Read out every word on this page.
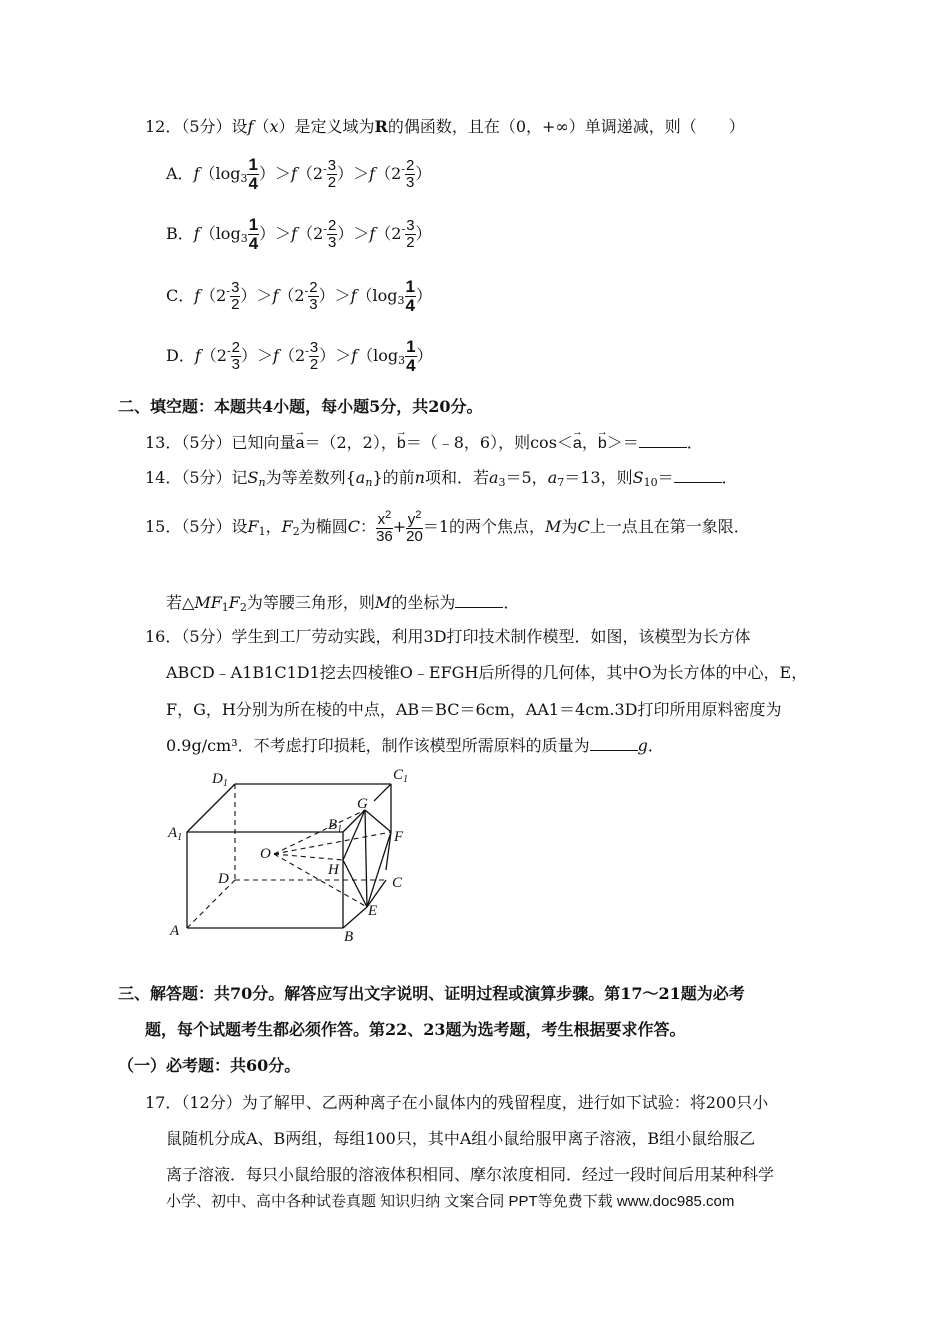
12．（5分）设f（x）是定义域为R的偶函数，且在（0，+∞）单调递减，则（　　）
A．$f(\log_3 \frac{1}{4} )>f(2^- \frac{3}{2} )>f(2^- \frac{2}{3}$ ）
B．$f(\log_3 \frac{1}{4} )>f(2^- \frac{2}{3} )>f(2^- \frac{3}{2}$ ）
C．$f(2^- \frac{3}{2} )>f(2^- \frac{2}{3} )>f(\log_3 \frac{1}{4}$ ）
D．$f(2^- \frac{2}{3} )>f(2^- \frac{3}{2} )>f(\log_3 \frac{1}{4}$ ）
二、填空题：本题共4小题，每小题5分，共20分。
13．（5分）已知向量→ a＝（2，2），→ b＝（﹣8，6），则cos＜→ a，→ b＞＝	．
14．（5分）记$S_n$为等差数列$\{a_n\}$的前n项和．若$a_3=5$，$a_7=13$，则$S_{10}=$	．
15．（5分）设$F_1$，$F_2$为椭圆C： $\frac{x^2}{36} + \frac{y^2}{20} =1$的两个焦点，M为C上一点且在第一象限．
若$\triangle MF_1F_2$为等腰三角形，则M的坐标为	．
16．（5分）学生到工厂劳动实践，利用3D打印技术制作模型．如图，该模型为长方体
ABCD﹣A1B1C1D1挖去四棱锥O﹣EFGH后所得的几何体，其中O为长方体的中心，E，
F，G，H分别为所在棱的中点，AB＝BC＝6cm，AA1＝4cm.3D打印所用原料密度为
0.9g/cm³．不考虑打印损耗，制作该模型所需原料的质量为	g．
$D_1$
$C_1$
$A_1$
$B_1$
G
F
O
H
D	C
E
A	B
三、解答题：共70分。解答应写出文字说明、证明过程或演算步骤。第17～21题为必考
题，每个试题考生都必须作答。第22、23题为选考题，考生根据要求作答。
（一）必考题：共60分。
17．（12分）为了解甲、乙两种离子在小鼠体内的残留程度，进行如下试验：将200只小
鼠随机分成A、B两组，每组100只，其中A组小鼠给服甲离子溶液，B组小鼠给服乙
离子溶液．每只小鼠给服的溶液体积相同、摩尔浓度相同．经过一段时间后用某种科学
小学、初中、高中各种试卷真题 知识归纳 文案合同 PPT等免费下载 www.doc985.com
